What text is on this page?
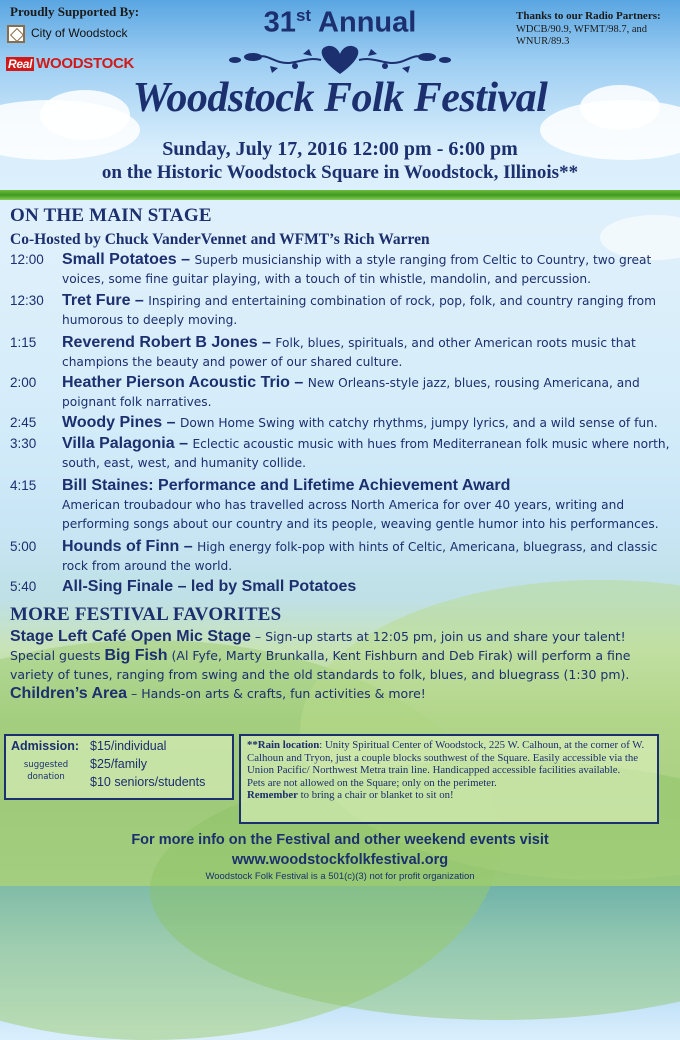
Proudly Supported By:
City of Woodstock
Real WOODSTOCK
31st Annual
Woodstock Folk Festival
Thanks to our Radio Partners:
WDCB/90.9, WFMT/98.7, and WNUR/89.3
Sunday, July 17, 2016 12:00 pm - 6:00 pm
on the Historic Woodstock Square in Woodstock, Illinois**
ON THE MAIN STAGE
Co-Hosted by Chuck VanderVennet and WFMT’s Rich Warren
12:00	Small Potatoes – Superb musicianship with a style ranging from Celtic to Country, two great voices, some fine guitar playing, with a touch of tin whistle, mandolin, and percussion.
12:30	Tret Fure – Inspiring and entertaining combination of rock, pop, folk, and country ranging from humorous to deeply moving.
1:15	Reverend Robert B Jones – Folk, blues, spirituals, and other American roots music that champions the beauty and power of our shared culture.
2:00	Heather Pierson Acoustic Trio – New Orleans-style jazz, blues, rousing Americana, and poignant folk narratives.
2:45	Woody Pines – Down Home Swing with catchy rhythms, jumpy lyrics, and a wild sense of fun.
3:30	Villa Palagonia – Eclectic acoustic music with hues from Mediterranean folk music where north, south, east, west, and humanity collide.
4:15	Bill Staines: Performance and Lifetime Achievement Award
American troubadour who has travelled across North America for over 40 years, writing and performing songs about our country and its people, weaving gentle humor into his performances.
5:00	Hounds of Finn – High energy folk-pop with hints of Celtic, Americana, bluegrass, and classic rock from around the world.
5:40	All-Sing Finale – led by Small Potatoes
MORE FESTIVAL FAVORITES
Stage Left Café Open Mic Stage – Sign-up starts at 12:05 pm, join us and share your talent!
Special guests Big Fish (Al Fyfe, Marty Brunkalla, Kent Fishburn and Deb Firak) will perform a fine variety of tunes, ranging from swing and the old standards to folk, blues, and bluegrass (1:30 pm).
Children’s Area – Hands-on arts & crafts, fun activities & more!
Admission:
suggested donation
$15/individual
$25/family
$10 seniors/students
**Rain location: Unity Spiritual Center of Woodstock, 225 W. Calhoun, at the corner of W. Calhoun and Tryon, just a couple blocks southwest of the Square. Easily accessible via the Union Pacific/ Northwest Metra train line. Handicapped accessible facilities available.
Pets are not allowed on the Square; only on the perimeter.
Remember to bring a chair or blanket to sit on!
For more info on the Festival and other weekend events visit
www.woodstockfolkfestival.org
Woodstock Folk Festival is a 501(c)(3) not for profit organization
